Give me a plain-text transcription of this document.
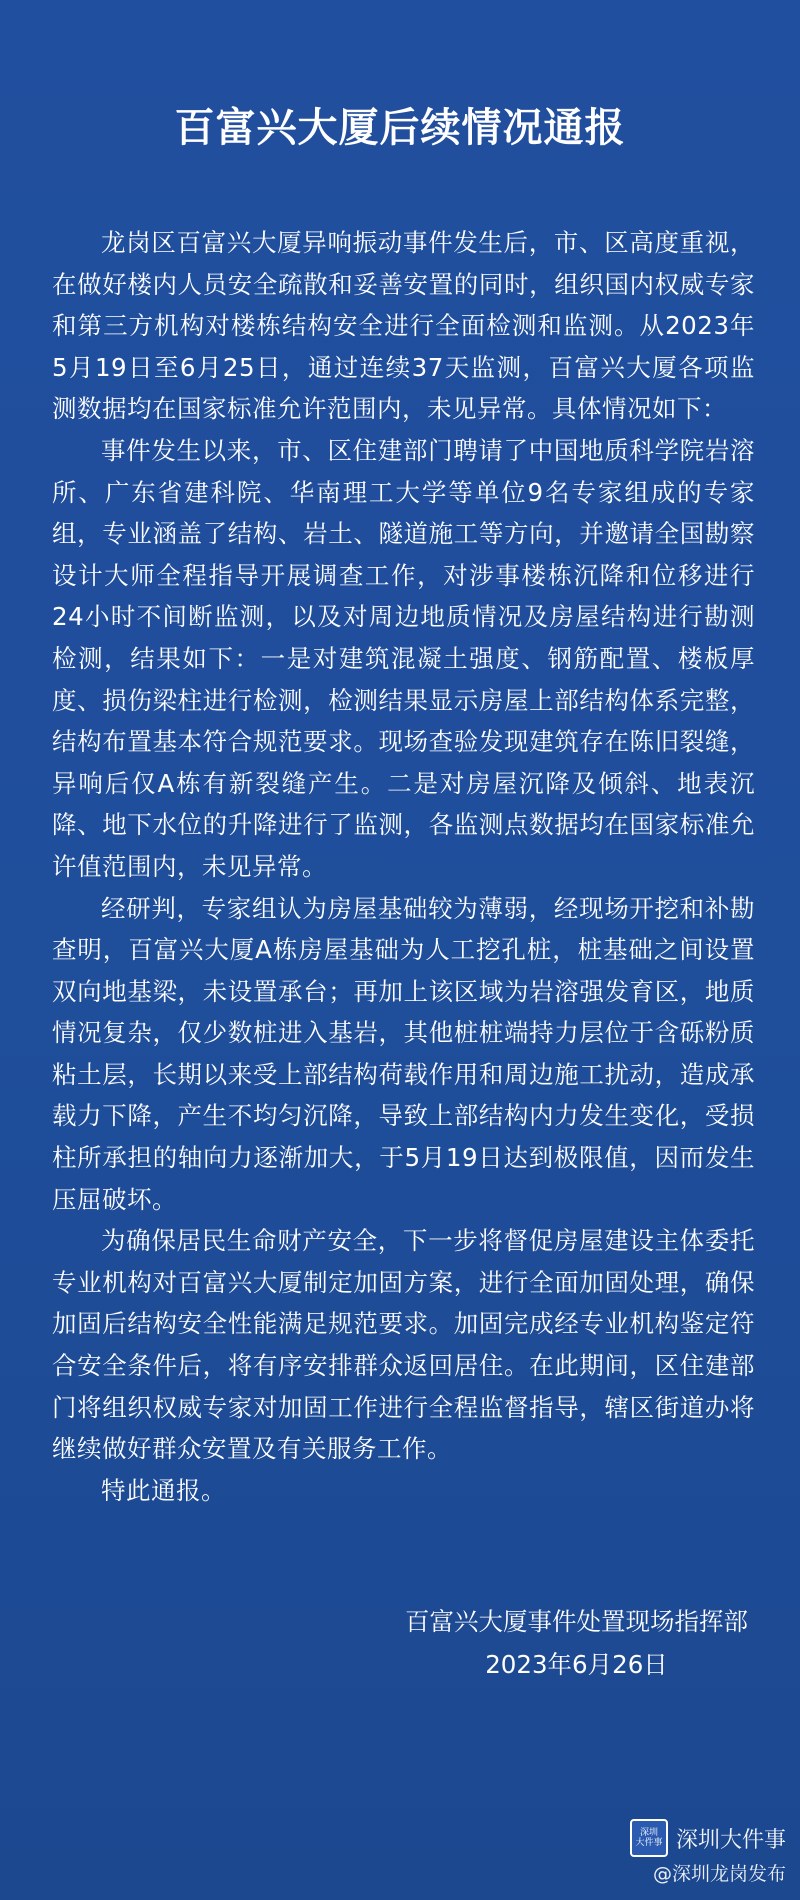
百富兴大厦后续情况通报

龙岗区百富兴大厦异响振动事件发生后，市、区高度重视，在做好楼内人员安全疏散和妥善安置的同时，组织国内权威专家和第三方机构对楼栋结构安全进行全面检测和监测。从2023年5月19日至6月25日，通过连续37天监测，百富兴大厦各项监测数据均在国家标准允许范围内，未见异常。具体情况如下：

事件发生以来，市、区住建部门聘请了中国地质科学院岩溶所、广东省建科院、华南理工大学等单位9名专家组成的专家组，专业涵盖了结构、岩土、隧道施工等方向，并邀请全国勘察设计大师全程指导开展调查工作，对涉事楼栋沉降和位移进行24小时不间断监测，以及对周边地质情况及房屋结构进行勘测检测，结果如下：一是对建筑混凝土强度、钢筋配置、楼板厚度、损伤梁柱进行检测，检测结果显示房屋上部结构体系完整，结构布置基本符合规范要求。现场查验发现建筑存在陈旧裂缝，异响后仅A栋有新裂缝产生。二是对房屋沉降及倾斜、地表沉降、地下水位的升降进行了监测，各监测点数据均在国家标准允许值范围内，未见异常。

经研判，专家组认为房屋基础较为薄弱，经现场开挖和补勘查明，百富兴大厦A栋房屋基础为人工挖孔桩，桩基础之间设置双向地基梁，未设置承台；再加上该区域为岩溶强发育区，地质情况复杂，仅少数桩进入基岩，其他桩桩端持力层位于含砾粉质粘土层，长期以来受上部结构荷载作用和周边施工扰动，造成承载力下降，产生不均匀沉降，导致上部结构内力发生变化，受损柱所承担的轴向力逐渐加大，于5月19日达到极限值，因而发生压屈破坏。

为确保居民生命财产安全，下一步将督促房屋建设主体委托专业机构对百富兴大厦制定加固方案，进行全面加固处理，确保加固后结构安全性能满足规范要求。加固完成经专业机构鉴定符合安全条件后，将有序安排群众返回居住。在此期间，区住建部门将组织权威专家对加固工作进行全程监督指导，辖区街道办将继续做好群众安置及有关服务工作。

特此通报。

百富兴大厦事件处置现场指挥部
2023年6月26日
深圳
大件事 深圳大件事
@深圳龙岗发布
